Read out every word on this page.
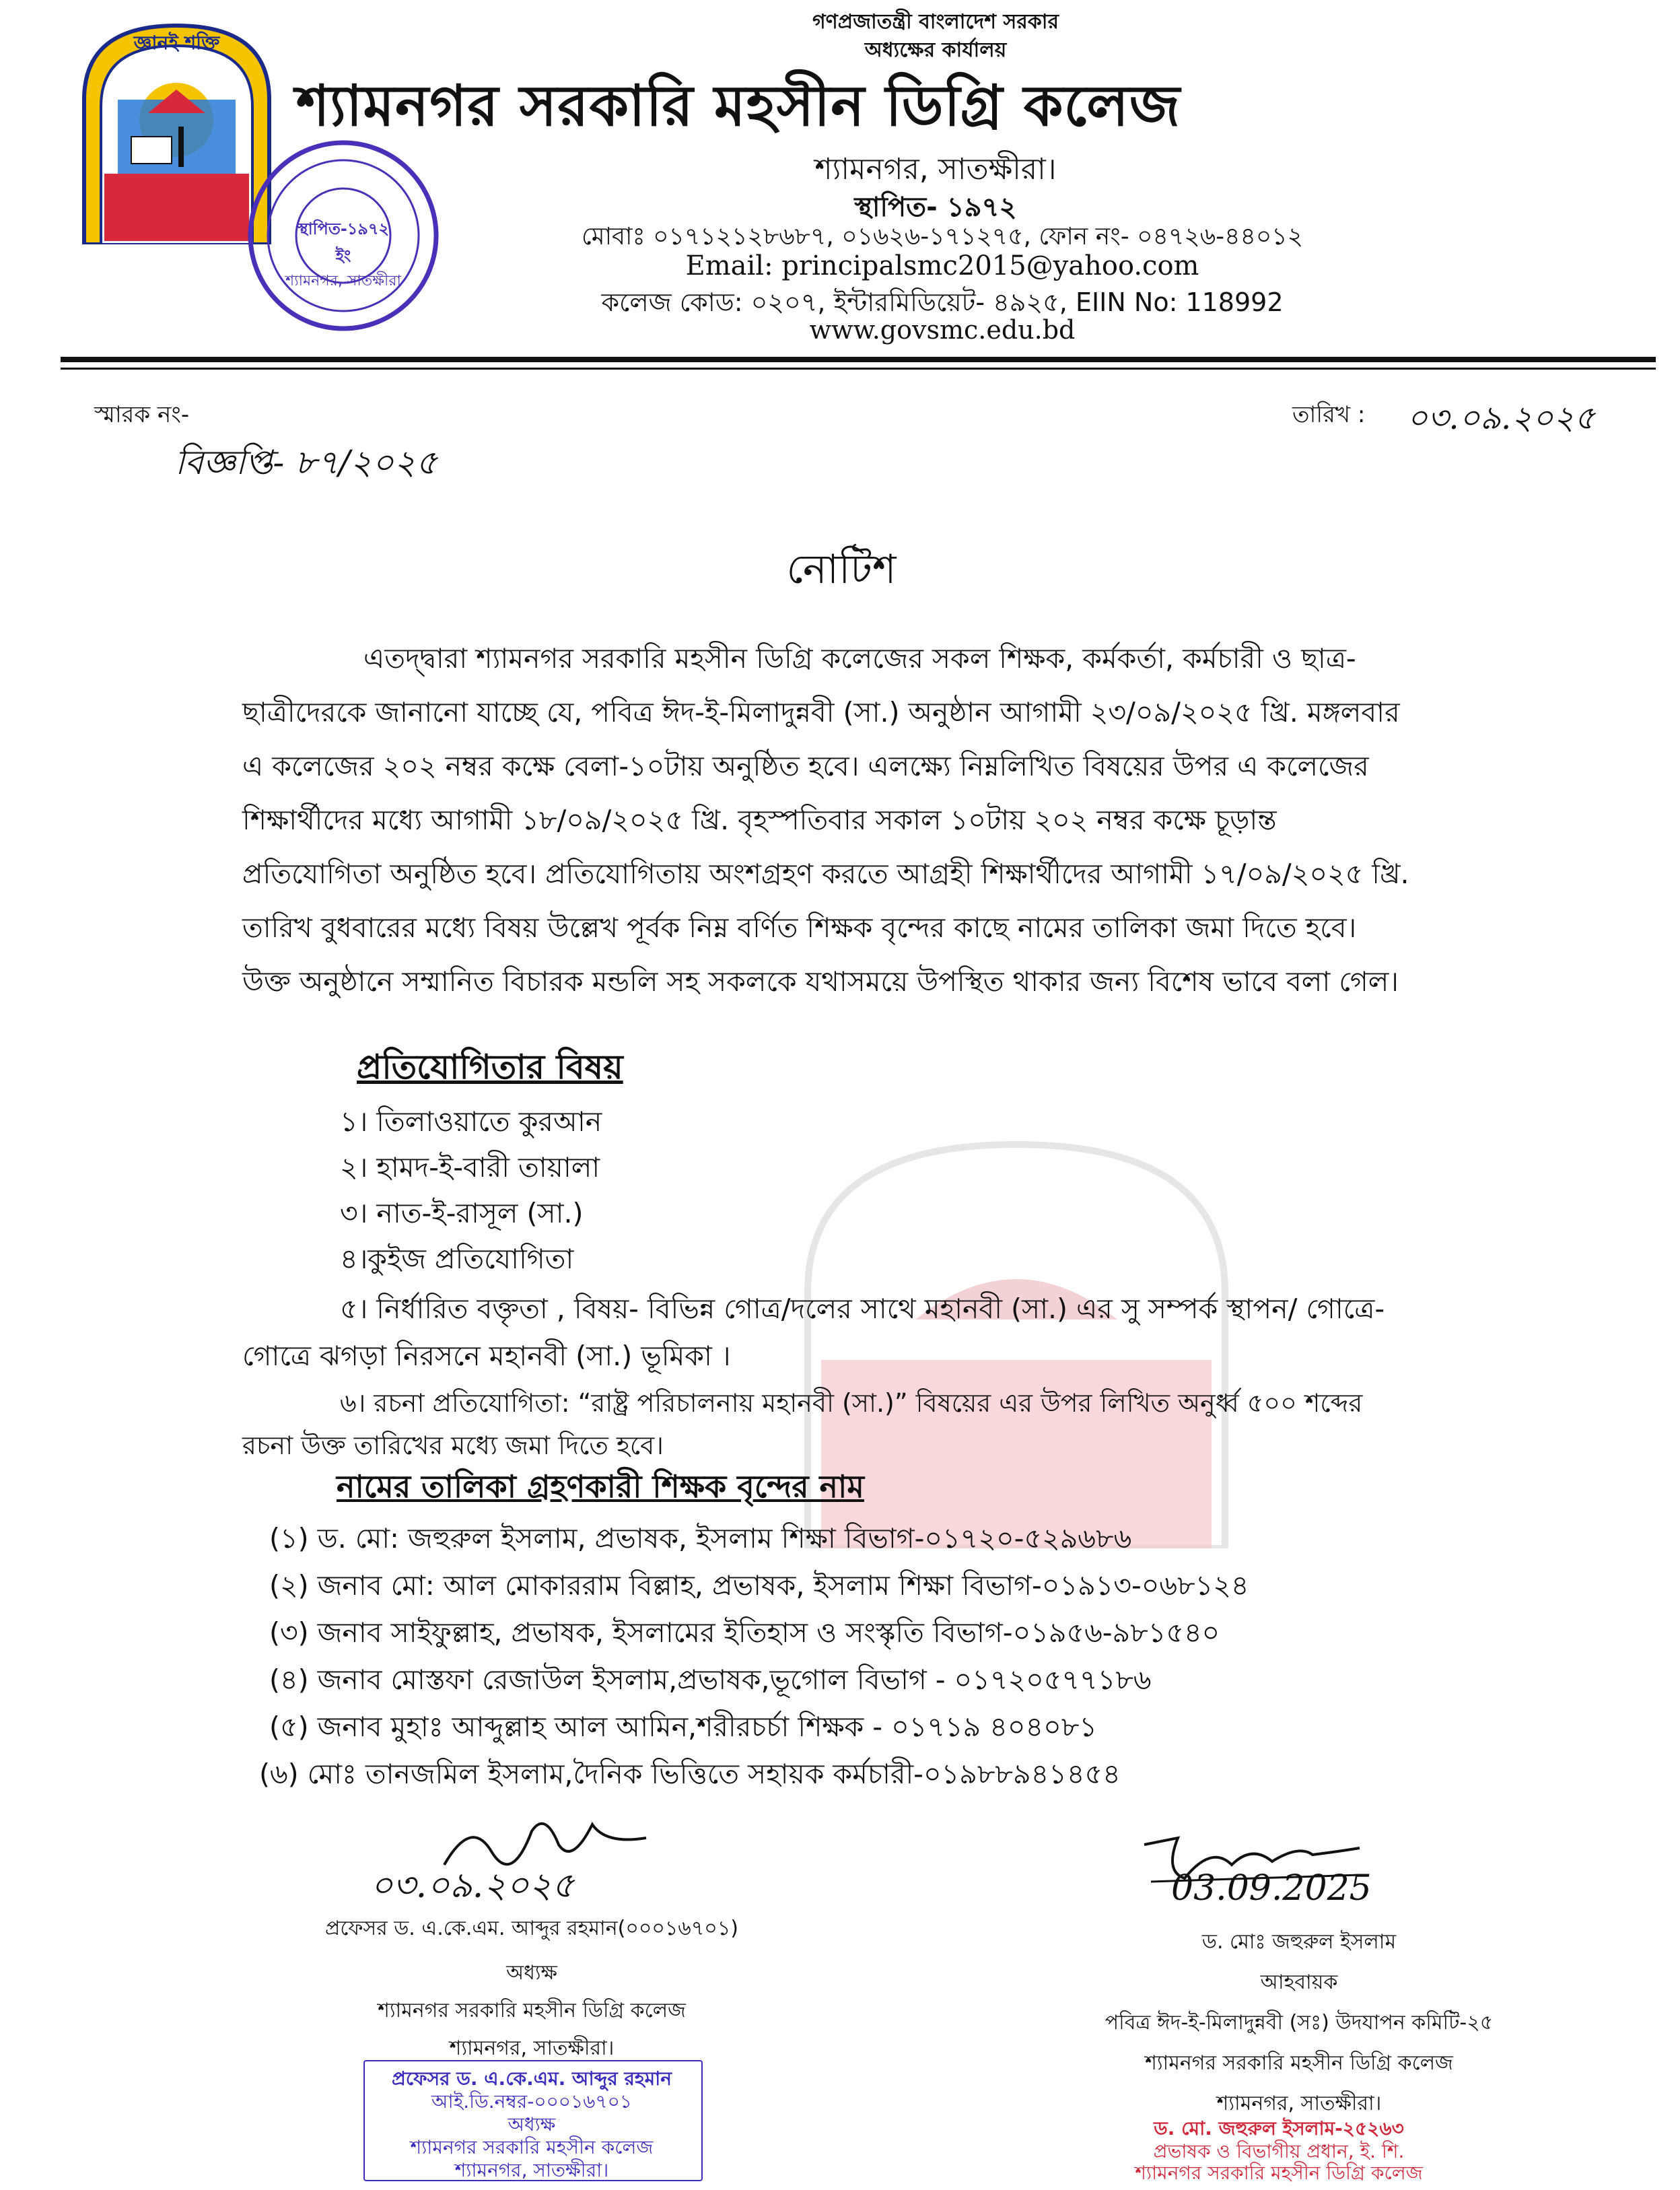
জ্ঞানই শক্তি
স্থাপিত-১৯৭২ ইং
শ্যামনগর, সাতক্ষীরা
গণপ্রজাতন্ত্রী বাংলাদেশ সরকার
অধ্যক্ষের কার্যালয়
শ্যামনগর সরকারি মহসীন ডিগ্রি কলেজ
শ্যামনগর, সাতক্ষীরা।
স্থাপিত- ১৯৭২
মোবাঃ ০১৭১২১২৮৬৮৭, ০১৬২৬-১৭১২৭৫, ফোন নং- ০৪৭২৬-৪৪০১২
Email: principalsmc2015@yahoo.com
কলেজ কোড: ০২০৭, ইন্টারমিডিয়েট- ৪৯২৫, EIIN No: 118992
www.govsmc.edu.bd
স্মারক নং-
বিজ্ঞপ্তি- ৮৭/২০২৫
তারিখ : ০৩.০৯.২০২৫
নোটিশ
এতদ্দ্বারা শ্যামনগর সরকারি মহসীন ডিগ্রি কলেজের সকল শিক্ষক, কর্মকর্তা, কর্মচারী ও ছাত্র-
ছাত্রীদেরকে জানানো যাচ্ছে যে, পবিত্র ঈদ-ই-মিলাদুন্নবী (সা.) অনুষ্ঠান আগামী ২৩/০৯/২০২৫ খ্রি. মঙ্গলবার
এ কলেজের ২০২ নম্বর কক্ষে বেলা-১০টায় অনুষ্ঠিত হবে। এলক্ষ্যে নিম্নলিখিত বিষয়ের উপর এ কলেজের
শিক্ষার্থীদের মধ্যে আগামী ১৮/০৯/২০২৫ খ্রি. বৃহস্পতিবার সকাল ১০টায় ২০২ নম্বর কক্ষে চূড়ান্ত
প্রতিযোগিতা অনুষ্ঠিত হবে। প্রতিযোগিতায় অংশগ্রহণ করতে আগ্রহী শিক্ষার্থীদের আগামী ১৭/০৯/২০২৫ খ্রি.
তারিখ বুধবারের মধ্যে বিষয় উল্লেখ পূর্বক নিম্ন বর্ণিত শিক্ষক বৃন্দের কাছে নামের তালিকা জমা দিতে হবে।
উক্ত অনুষ্ঠানে সম্মানিত বিচারক মন্ডলি সহ সকলকে যথাসময়ে উপস্থিত থাকার জন্য বিশেষ ভাবে বলা গেল।
প্রতিযোগিতার বিষয়
১। তিলাওয়াতে কুরআন
২। হামদ-ই-বারী তায়ালা
৩। নাত-ই-রাসূল (সা.)
৪।কুইজ প্রতিযোগিতা
৫। নির্ধারিত বক্তৃতা , বিষয়- বিভিন্ন গোত্র/দলের সাথে মহানবী (সা.) এর সু সম্পর্ক স্থাপন/ গোত্রে-
গোত্রে ঝগড়া নিরসনে মহানবী (সা.) ভূমিকা ।
৬। রচনা প্রতিযোগিতা: “রাষ্ট্র পরিচালনায় মহানবী (সা.)” বিষয়ের এর উপর লিখিত অনুর্ধ্ব ৫০০ শব্দের
রচনা উক্ত তারিখের মধ্যে জমা দিতে হবে।
নামের তালিকা গ্রহণকারী শিক্ষক বৃন্দের নাম
(১) ড. মো: জহুরুল ইসলাম, প্রভাষক, ইসলাম শিক্ষা বিভাগ-০১৭২০-৫২৯৬৮৬
(২) জনাব মো: আল মোকাররাম বিল্লাহ, প্রভাষক, ইসলাম শিক্ষা বিভাগ-০১৯১৩-০৬৮১২৪
(৩) জনাব সাইফুল্লাহ, প্রভাষক, ইসলামের ইতিহাস ও সংস্কৃতি বিভাগ-০১৯৫৬-৯৮১৫৪০
(৪) জনাব মোস্তফা রেজাউল ইসলাম,প্রভাষক,ভূগোল বিভাগ - ০১৭২০৫৭৭১৮৬
(৫) জনাব মুহাঃ আব্দুল্লাহ আল আমিন,শরীরচর্চা শিক্ষক - ০১৭১৯ ৪০৪০৮১
(৬) মোঃ তানজমিল ইসলাম,দৈনিক ভিত্তিতে সহায়ক কর্মচারী-০১৯৮৮৯৪১৪৫৪
০৩.০৯.২০২৫
প্রফেসর ড. এ.কে.এম. আব্দুর রহমান(০০০১৬৭০১)
অধ্যক্ষ
শ্যামনগর সরকারি মহসীন ডিগ্রি কলেজ
শ্যামনগর, সাতক্ষীরা।
প্রফেসর ড. এ.কে.এম. আব্দুর রহমান
আই.ডি.নম্বর-০০০১৬৭০১
অধ্যক্ষ
শ্যামনগর সরকারি মহসীন কলেজ
শ্যামনগর, সাতক্ষীরা।
03.09.2025
ড. মোঃ জহুরুল ইসলাম
আহবায়ক
পবিত্র ঈদ-ই-মিলাদুন্নবী (সঃ) উদযাপন কমিটি-২৫
শ্যামনগর সরকারি মহসীন ডিগ্রি কলেজ
শ্যামনগর, সাতক্ষীরা।
ড. মো. জহুরুল ইসলাম-২৫২৬৩
প্রভাষক ও বিভাগীয় প্রধান, ই. শি.
শ্যামনগর সরকারি মহসীন ডিগ্রি কলেজ
